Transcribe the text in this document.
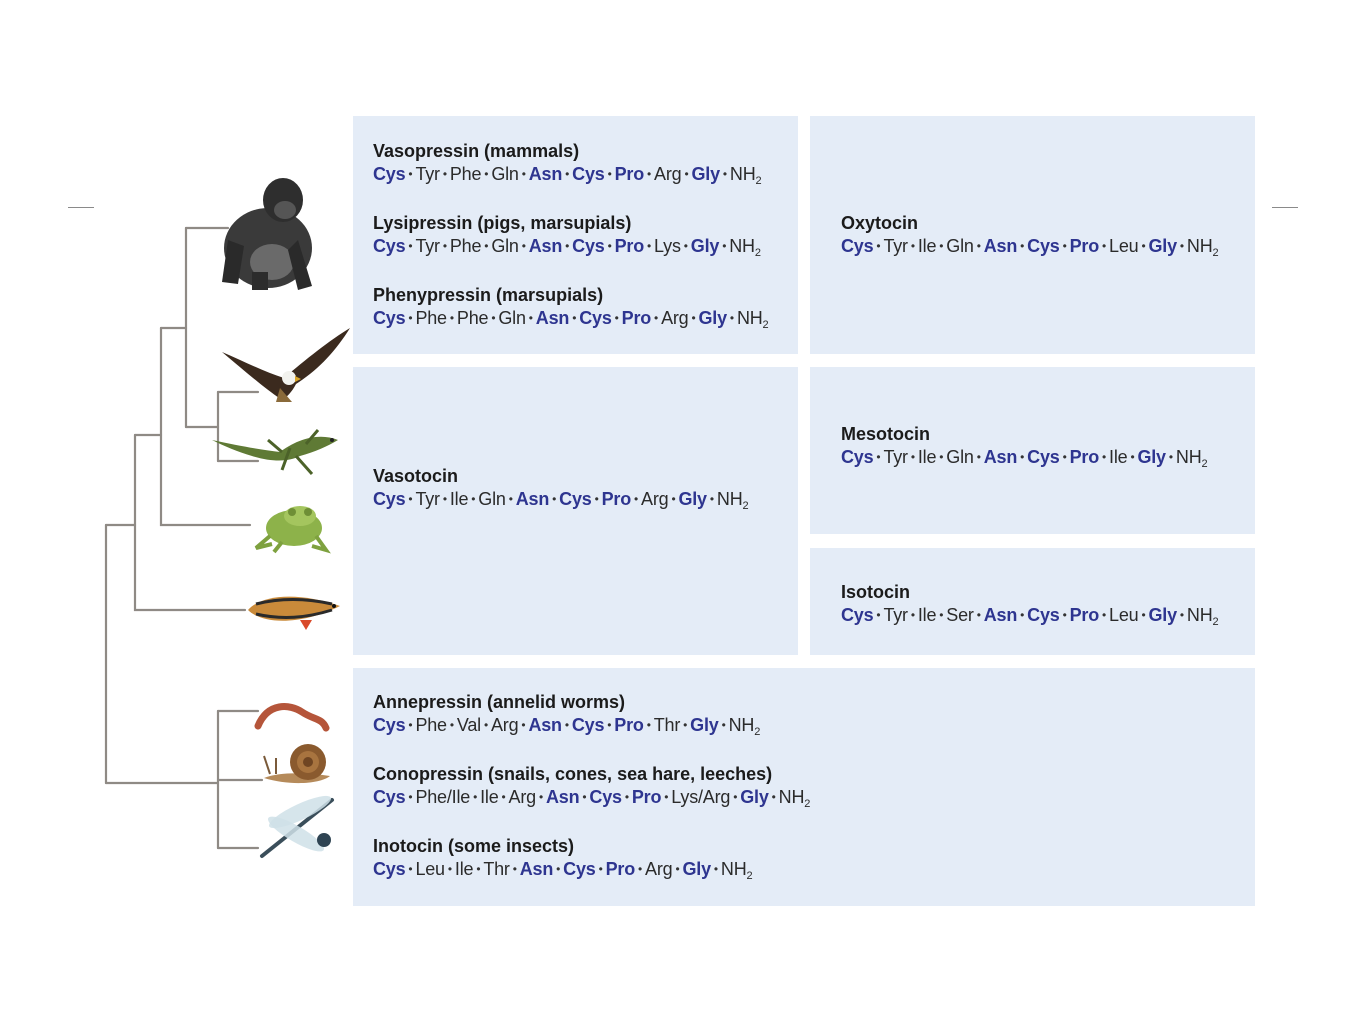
Vasopressin (mammals)
Cys • Tyr • Phe • Gln • Asn • Cys • Pro • Arg • Gly • $NH_2$
Lysipressin (pigs, marsupials)
Cys • Tyr • Phe • Gln • Asn • Cys • Pro • Lys • Gly • $NH_2$
Phenypressin (marsupials)
Cys • Phe • Phe • Gln • Asn • Cys • Pro • Arg • Gly • $NH_2$
Oxytocin
Cys • Tyr • Ile • Gln • Asn • Cys • Pro • Leu • Gly • $NH_2$
Vasotocin
Cys • Tyr • Ile • Gln • Asn • Cys • Pro • Arg • Gly • $NH_2$
Mesotocin
Cys • Tyr • Ile • Gln • Asn • Cys • Pro • Ile • Gly • $NH_2$
Isotocin
Cys • Tyr • Ile • Ser • Asn • Cys • Pro • Leu • Gly • $NH_2$
Annepressin (annelid worms)
Cys • Phe • Val • Arg • Asn • Cys • Pro • Thr • Gly • $NH_2$
Conopressin (snails, cones, sea hare, leeches)
Cys • Phe/Ile • Ile • Arg • Asn • Cys • Pro • Lys/Arg • Gly • $NH_2$
Inotocin (some insects)
Cys • Leu • Ile • Thr • Asn • Cys • Pro • Arg • Gly • $NH_2$
